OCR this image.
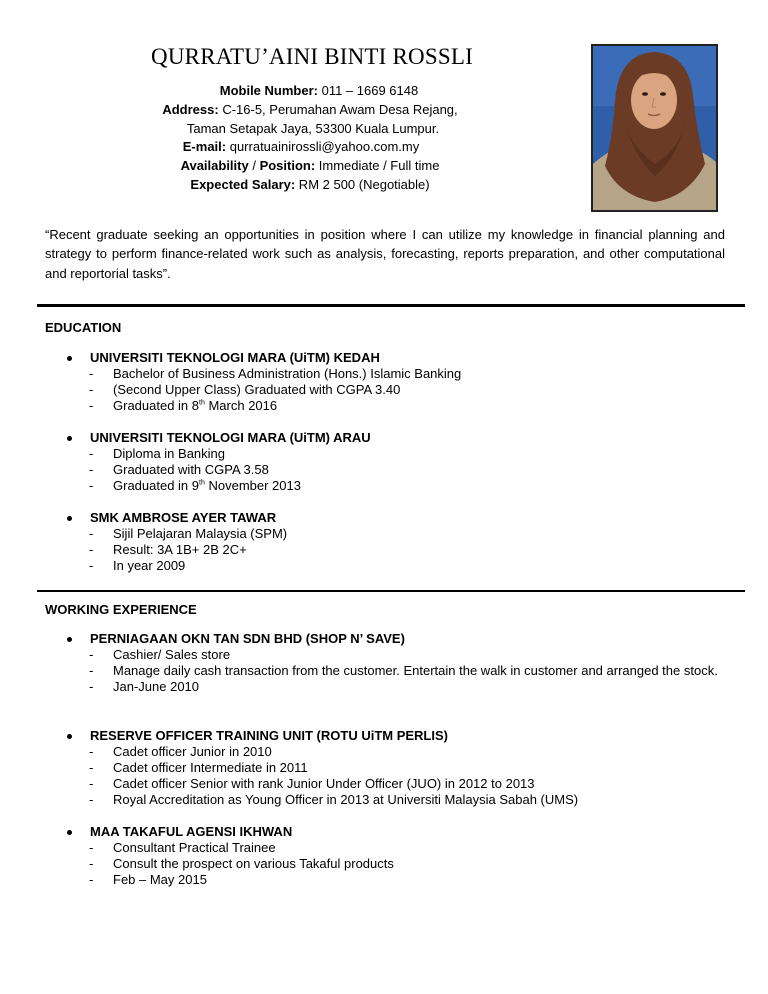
QURRATU’AINI BINTI ROSSLI
Mobile Number: 011 – 1669 6148
Address: C-16-5, Perumahan Awam Desa Rejang,
Taman Setapak Jaya, 53300 Kuala Lumpur.
E-mail: qurratuainirossli@yahoo.com.my
Availability / Position: Immediate / Full time
Expected Salary: RM 2 500 (Negotiable)
“Recent graduate seeking an opportunities in position where I can utilize my knowledge in financial planning and strategy to perform finance-related work such as analysis, forecasting, reports preparation, and other computational and reportorial tasks”.
EDUCATION
UNIVERSITI TEKNOLOGI MARA (UiTM) KEDAH
- Bachelor of Business Administration (Hons.) Islamic Banking
- (Second Upper Class) Graduated with CGPA 3.40
- Graduated in 8th March 2016
UNIVERSITI TEKNOLOGI MARA (UiTM) ARAU
- Diploma in Banking
- Graduated with CGPA 3.58
- Graduated in 9th November 2013
SMK AMBROSE AYER TAWAR
- Sijil Pelajaran Malaysia (SPM)
- Result: 3A 1B+ 2B 2C+
- In year 2009
WORKING EXPERIENCE
PERNIAGAAN OKN TAN SDN BHD (SHOP N’ SAVE)
- Cashier/ Sales store
- Manage daily cash transaction from the customer. Entertain the walk in customer and arranged the stock.
- Jan-June 2010
RESERVE OFFICER TRAINING UNIT (ROTU UiTM PERLIS)
- Cadet officer Junior in 2010
- Cadet officer Intermediate in 2011
- Cadet officer Senior with rank Junior Under Officer (JUO) in 2012 to 2013
- Royal Accreditation as Young Officer in 2013 at Universiti Malaysia Sabah (UMS)
MAA TAKAFUL AGENSI IKHWAN
- Consultant Practical Trainee
- Consult the prospect on various Takaful products
- Feb – May 2015
